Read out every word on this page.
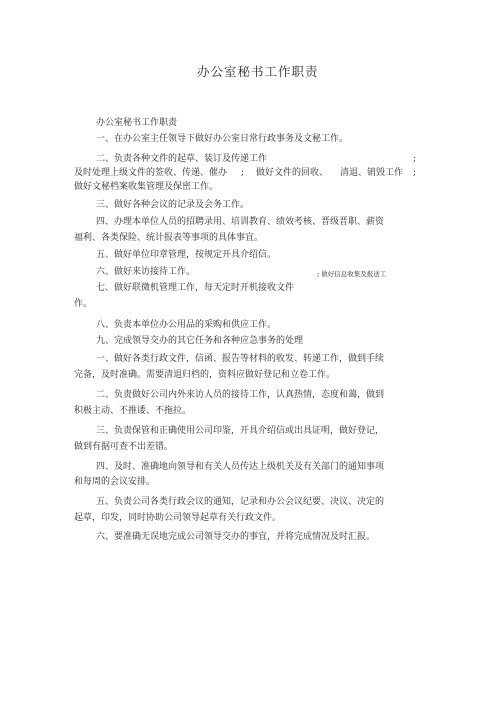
办公室秘书工作职责
办公室秘书工作职责
一、在办公室主任领导下做好办公室日常行政事务及文秘工作。
二、负责各种文件的起草、装订及传递工作	;
及时处理上级文件的签收、传递、催办 ; 做好文件的回收、 清退、销毁工作 ;
做好文秘档案收集管理及保密工作。
三、做好各种会议的记录及会务工作。
四、办理本单位人员的招聘录用、培训教育、绩效考核、晋级晋职、薪资
福利、各类保险、统计报表等事项的具体事宜。
五、做好单位印章管理，按规定开具介绍信。
六、做好来访接待工作。	; 做好信息收集及报送工
七、做好联微机管理工作，每天定时开机接收文件
作。
八、负责本单位办公用品的采购和供应工作。
九、完成领导交办的其它任务和各种应急事务的处理
一、做好各类行政文件，信函、报告等材料的收发、转递工作，做到手续
完备，及时准确。需要清退归档的，资料应做好登记和立卷工作。
二、负责做好公司内外来访人员的接待工作，认真热情，态度和蔼，做到
积极主动、不推诿、不拖拉。
三、负责保管和正确使用公司印鉴，开具介绍信或出具证明，做好登记，
做到有据可查不出差错。
四、及时、准确地向领导和有关人员传达上级机关及有关部门的通知事项
和每周的会议安排。
五、负责公司各类行政会议的通知，记录和办公会议纪要、决议、决定的
起草，印发，同时协助公司领导起草有关行政文件。
六、要准确无误地完成公司领导交办的事宜，并将完成情况及时汇报。
